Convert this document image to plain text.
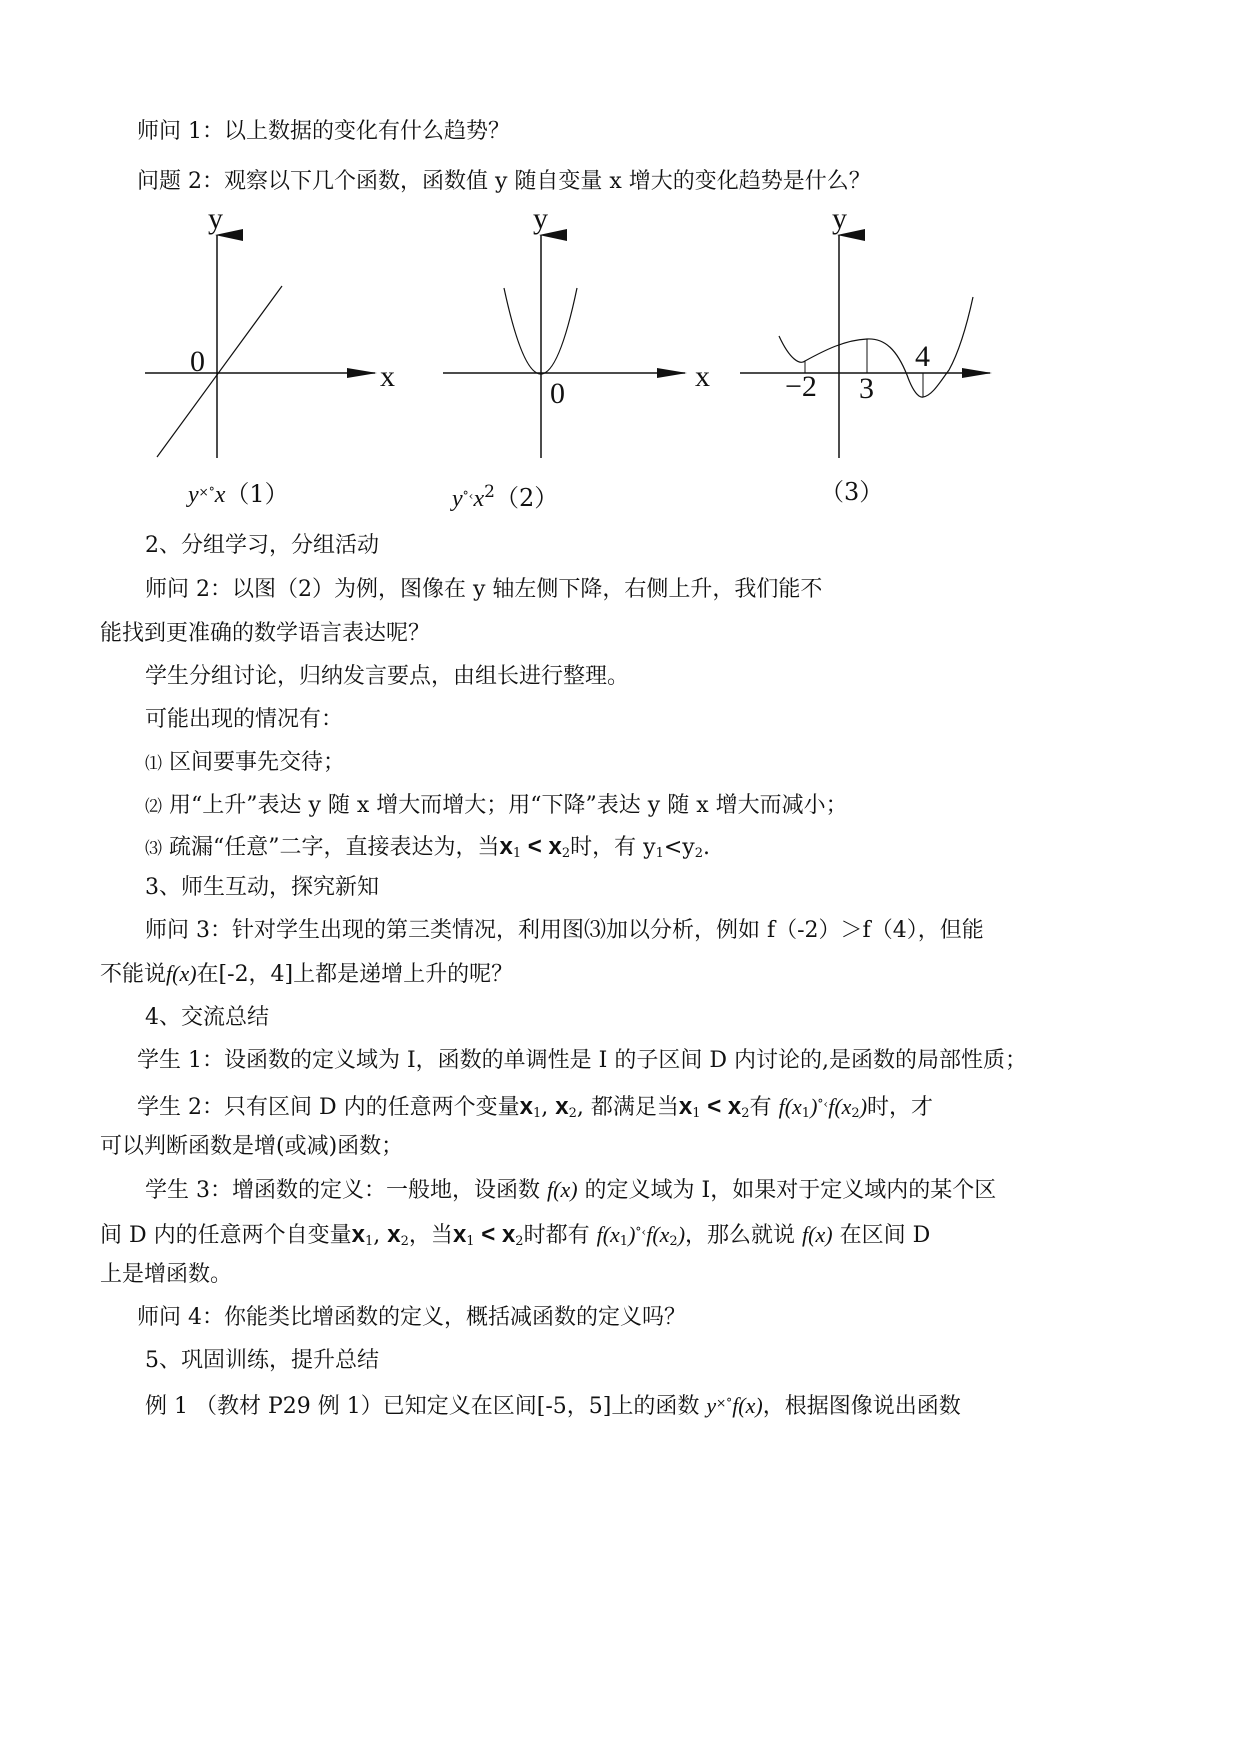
师问 1：以上数据的变化有什么趋势？
问题 2：观察以下几个函数，函数值 y 随自变量 x 增大的变化趋势是什么？
y
x
0
y
x
0
y
−2 3
4
y×°x（1）	$y^{^\circ‹}x^2(2)$	（3）
2、分组学习，分组活动
师问 2：以图（2）为例，图像在 y 轴左侧下降，右侧上升，我们能不
能找到更准确的数学语言表达呢？
学生分组讨论，归纳发言要点，由组长进行整理。
可能出现的情况有：
⑴ 区间要事先交待；
⑵ 用“上升”表达 y 随 x 增大而增大；用“下降”表达 y 随 x 增大而减小；
⑶ 疏漏“任意”二字，直接表达为，当$x_1 < x_2$时，有 $y_1<y_2$.
3、师生互动，探究新知
师问 3：针对学生出现的第三类情况，利用图⑶加以分析，例如 f（-2）＞f（4），但能
不能说f(x)在[-2，4]上都是递增上升的呢？
4、交流总结
学生 1：设函数的定义域为 I，函数的单调性是 I 的子区间 D 内讨论的,是函数的局部性质；
学生 2：只有区间 D 内的任意两个变量$x_1$, $x_2$, 都满足当$x_1 < x_2$有 $f(x_1)^{^\circ‹}f(x_2)$时，才
可以判断函数是增(或减)函数；
学生 3：增函数的定义：一般地，设函数 f(x) 的定义域为 I，如果对于定义域内的某个区
间 D 内的任意两个自变量$x_1$, $x_2$，当$x_1 < x_2$时都有 $f(x_1)^{^\circ‹}f(x_2)$，那么就说 f(x) 在区间 D
上是增函数。
师问 4：你能类比增函数的定义，概括减函数的定义吗？
5、巩固训练，提升总结
例 1 （教材 P29 例 1）已知定义在区间[-5，5]上的函数 y×°f(x)，根据图像说出函数
